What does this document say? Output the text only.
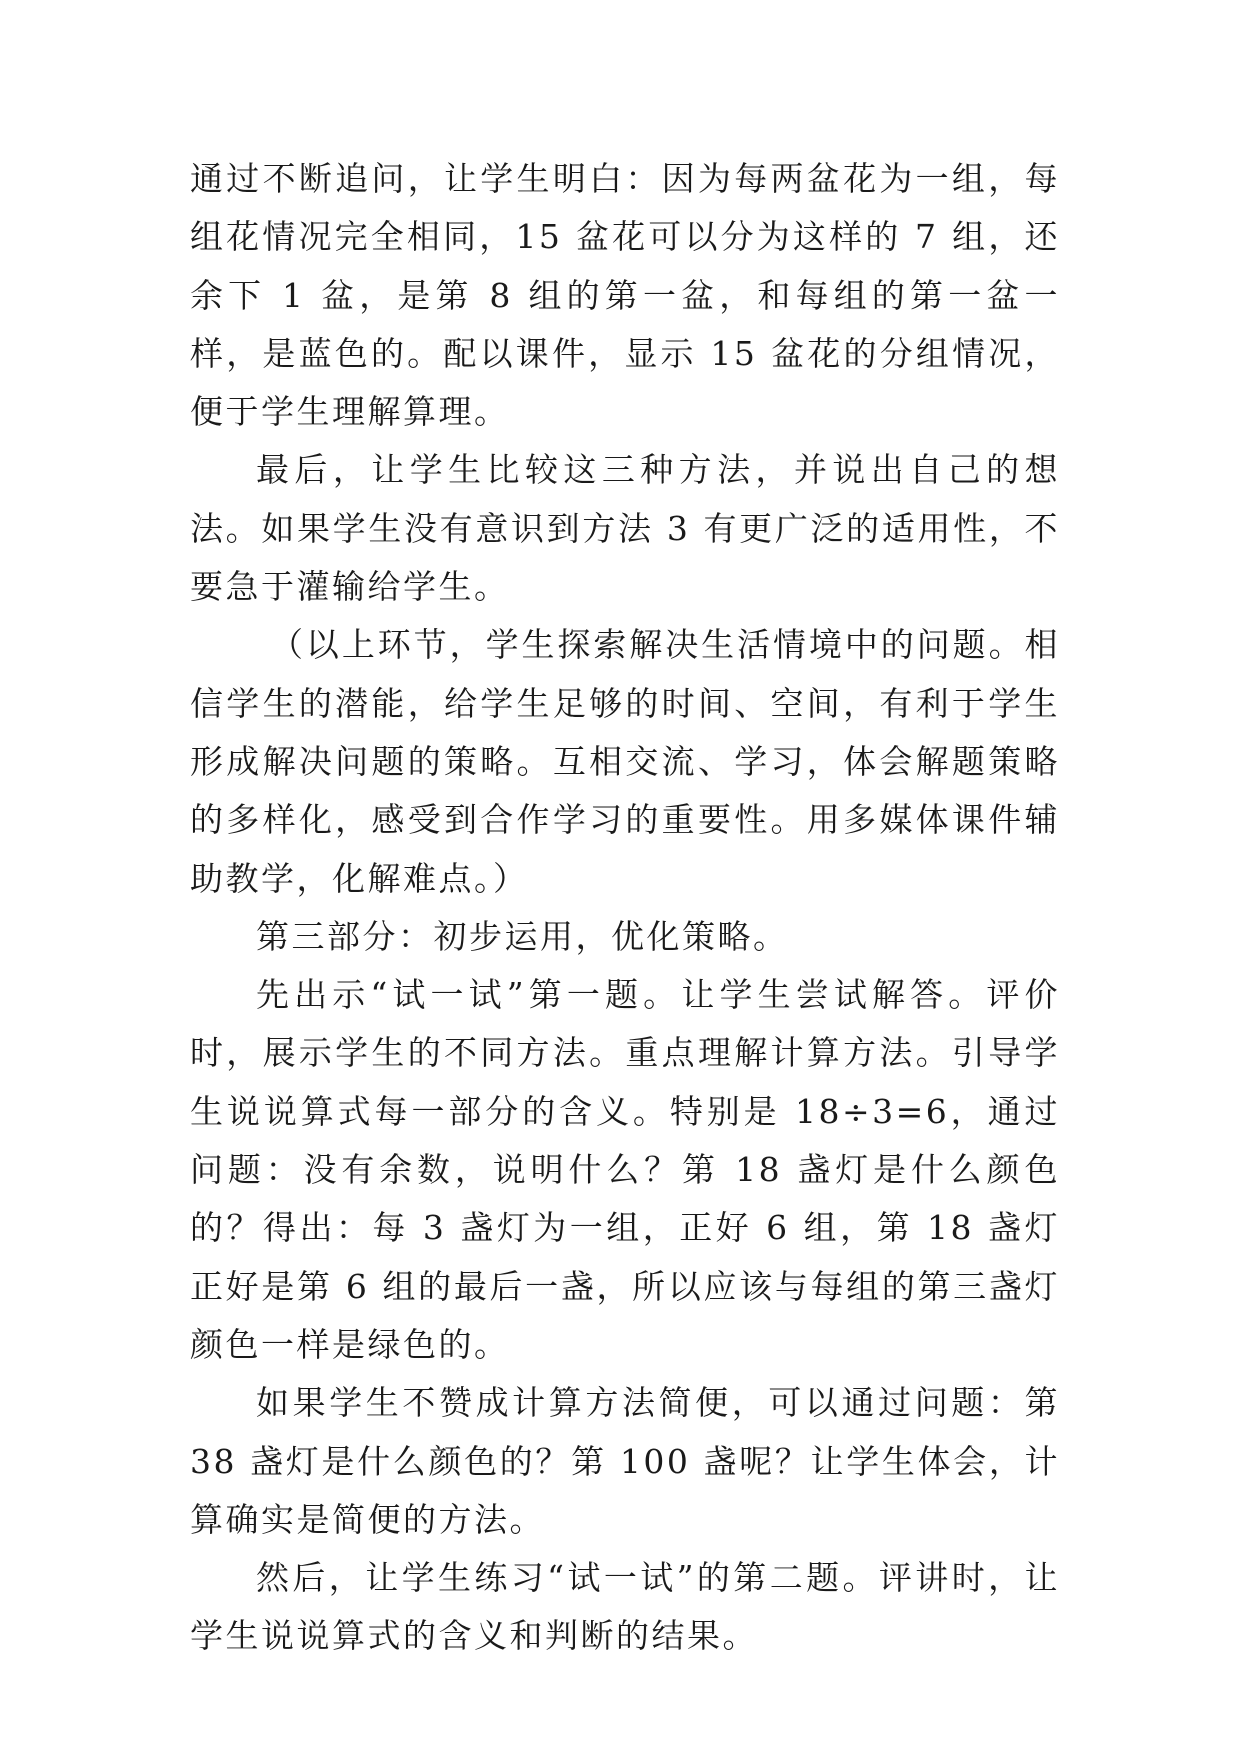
通过不断追问，让学生明白：因为每两盆花为一组，每组花情况完全相同，15 盆花可以分为这样的 7 组，还余下 1 盆，是第 8 组的第一盆，和每组的第一盆一样，是蓝色的。配以课件，显示 15 盆花的分组情况，便于学生理解算理。

最后，让学生比较这三种方法，并说出自己的想法。如果学生没有意识到方法 3 有更广泛的适用性，不要急于灌输给学生。

（以上环节，学生探索解决生活情境中的问题。相信学生的潜能，给学生足够的时间、空间，有利于学生形成解决问题的策略。互相交流、学习，体会解题策略的多样化，感受到合作学习的重要性。用多媒体课件辅助教学，化解难点。）

第三部分：初步运用，优化策略。

先出示“试一试”第一题。让学生尝试解答。评价时，展示学生的不同方法。重点理解计算方法。引导学生说说算式每一部分的含义。特别是 18÷3=6，通过问题：没有余数，说明什么？第 18 盏灯是什么颜色的？得出：每 3 盏灯为一组，正好 6 组，第 18 盏灯正好是第 6 组的最后一盏，所以应该与每组的第三盏灯颜色一样是绿色的。

如果学生不赞成计算方法简便，可以通过问题：第 38 盏灯是什么颜色的？第 100 盏呢？让学生体会，计算确实是简便的方法。

然后，让学生练习“试一试”的第二题。评讲时，让学生说说算式的含义和判断的结果。
